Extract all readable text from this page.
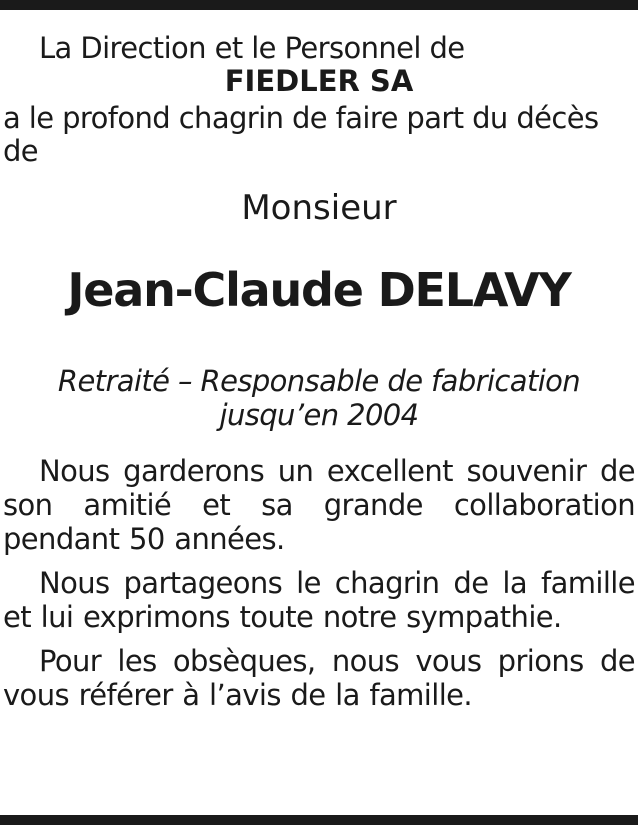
La Direction et le Personnel de

FIEDLER SA

a le profond chagrin de faire part du décès de

Monsieur

Jean-Claude DELAVY

Retraité – Responsable de fabrication
jusqu’en 2004

Nous garderons un excellent souvenir de son amitié et sa grande collaboration pendant 50 années.

Nous partageons le chagrin de la famille et lui exprimons toute notre sympathie.

Pour les obsèques, nous vous prions de vous référer à l’avis de la famille.
